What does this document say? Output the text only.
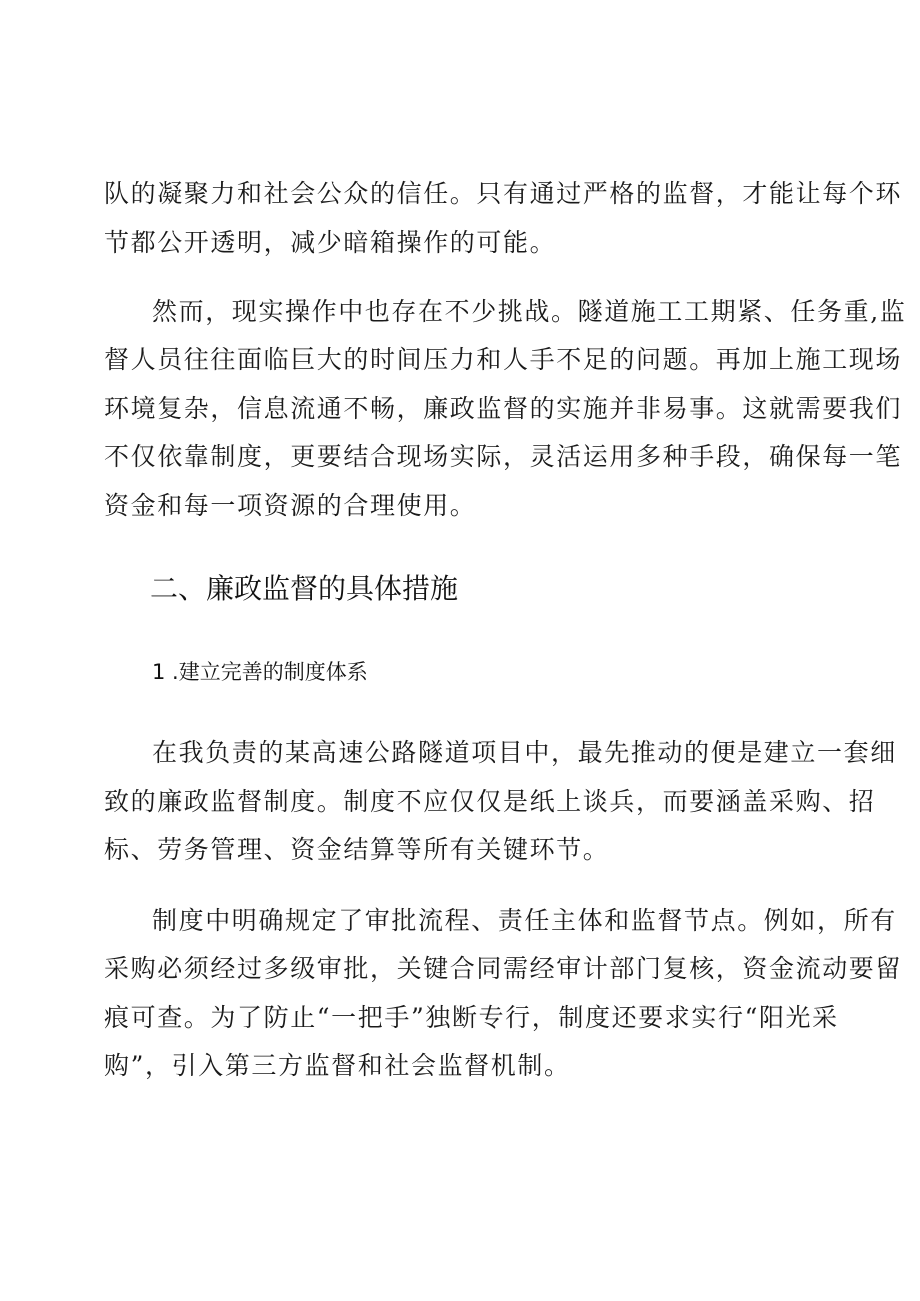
队的凝聚力和社会公众的信任。只有通过严格的监督，才能让每个环
节都公开透明，减少暗箱操作的可能。
然而，现实操作中也存在不少挑战。隧道施工工期紧、任务重,监
督人员往往面临巨大的时间压力和人手不足的问题。再加上施工现场
环境复杂，信息流通不畅，廉政监督的实施并非易事。这就需要我们
不仅依靠制度，更要结合现场实际，灵活运用多种手段，确保每一笔
资金和每一项资源的合理使用。
二、廉政监督的具体措施
1 .建立完善的制度体系
在我负责的某高速公路隧道项目中，最先推动的便是建立一套细
致的廉政监督制度。制度不应仅仅是纸上谈兵，而要涵盖采购、招
标、劳务管理、资金结算等所有关键环节。
制度中明确规定了审批流程、责任主体和监督节点。例如，所有
采购必须经过多级审批，关键合同需经审计部门复核，资金流动要留
痕可查。为了防止“一把手”独断专行，制度还要求实行“阳光采
购”，引入第三方监督和社会监督机制。
